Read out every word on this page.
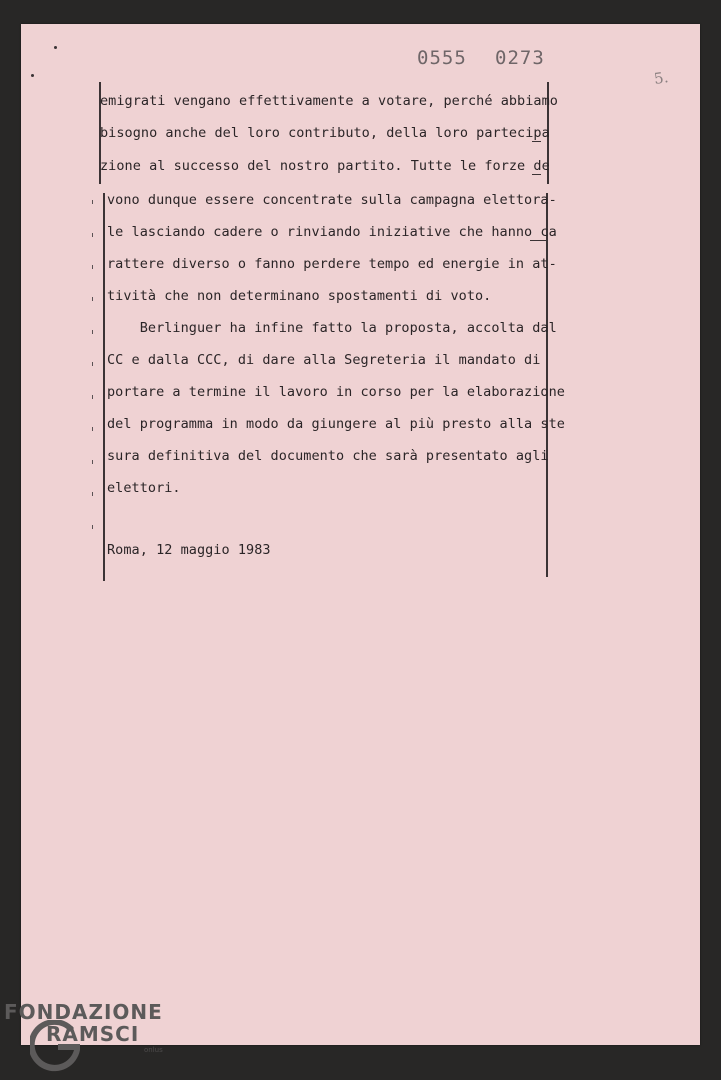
0555 0273
5.
emigrati vengano effettivamente a votare, perché abbiamo
bisogno anche del loro contributo, della loro partecipa
zione al successo del nostro partito. Tutte le forze de
vono dunque essere concentrate sulla campagna elettora-
le lasciando cadere o rinviando iniziative che hanno ca
rattere diverso o fanno perdere tempo ed energie in at-
tività che non determinano spostamenti di voto.
Berlinguer ha infine fatto la proposta, accolta dal
CC e dalla CCC, di dare alla Segreteria il mandato di
portare a termine il lavoro in corso per la elaborazione
del programma in modo da giungere al più presto alla ste
sura definitiva del documento che sarà presentato agli
elettori.
Roma, 12 maggio 1983
FONDAZIONE
RAMSCI
onlus
